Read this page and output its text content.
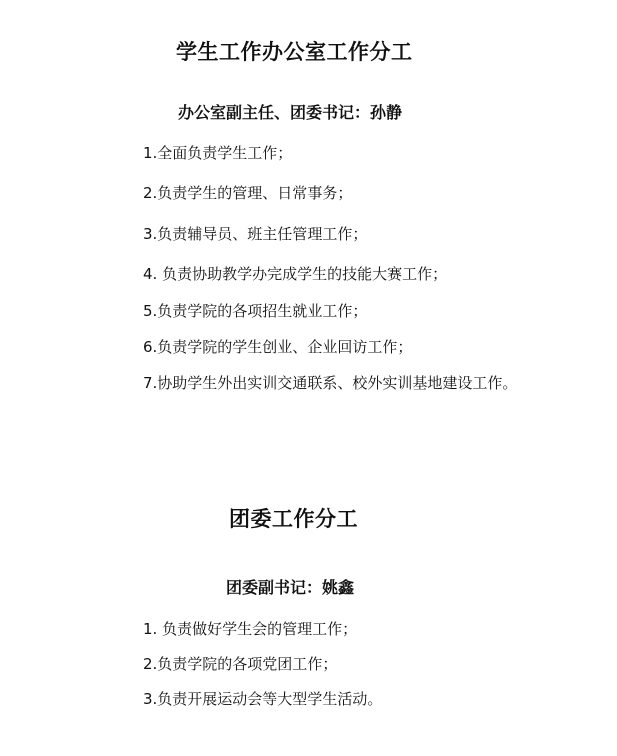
学生工作办公室工作分工
办公室副主任、团委书记：孙静
1.全面负责学生工作；
2.负责学生的管理、日常事务；
3.负责辅导员、班主任管理工作；
4. 负责协助教学办完成学生的技能大赛工作；
5.负责学院的各项招生就业工作；
6.负责学院的学生创业、企业回访工作；
7.协助学生外出实训交通联系、校外实训基地建设工作。
团委工作分工
团委副书记：姚鑫
1. 负责做好学生会的管理工作；
2.负责学院的各项党团工作；
3.负责开展运动会等大型学生活动。
